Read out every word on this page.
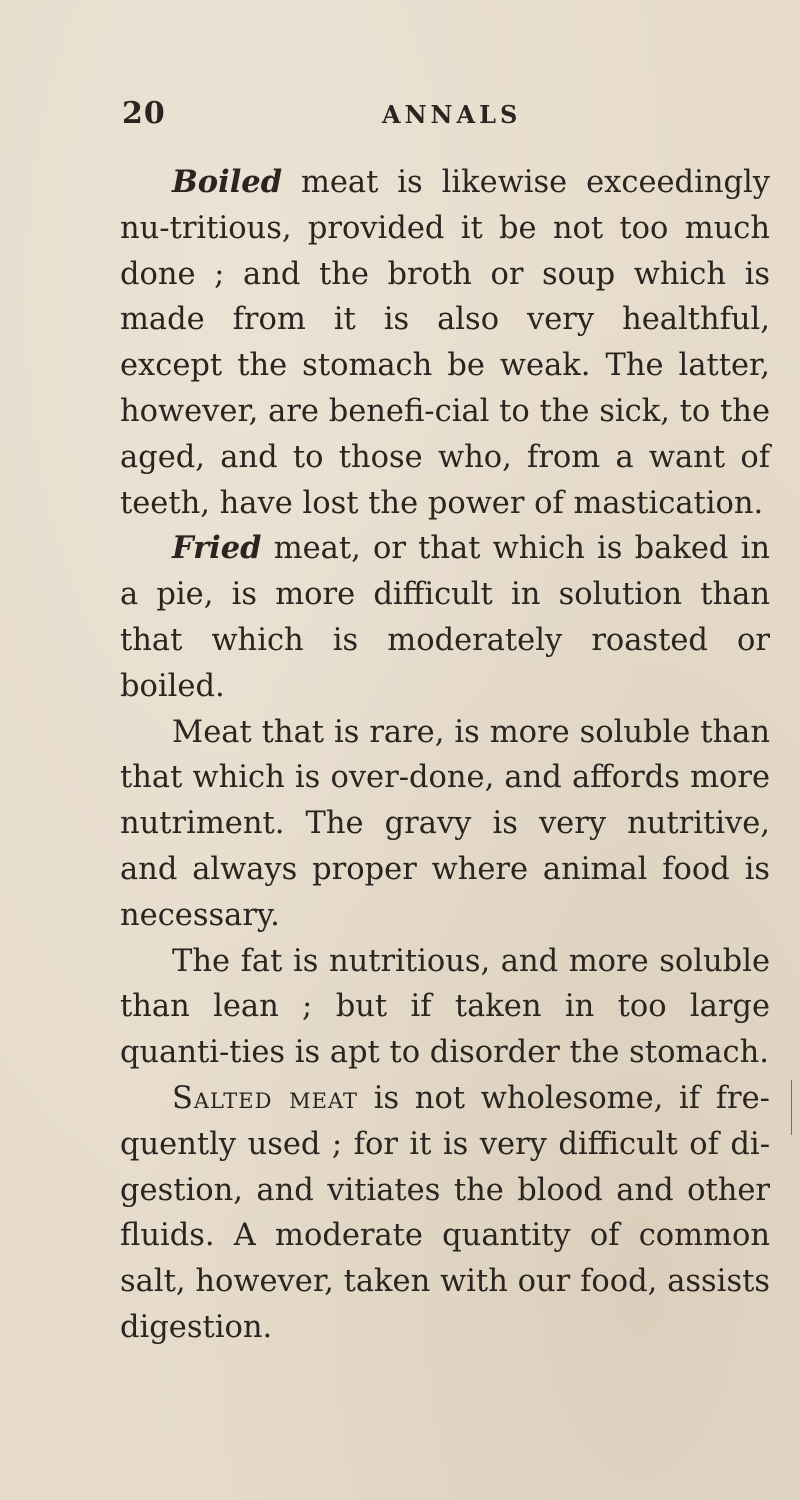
20	ANNALS

Boiled meat is likewise exceedingly nu-tritious, provided it be not too much done ; and the broth or soup which is made from it is also very healthful, except the stomach be weak. The latter, however, are benefi-cial to the sick, to the aged, and to those who, from a want of teeth, have lost the power of mastication.

Fried meat, or that which is baked in a pie, is more difficult in solution than that which is moderately roasted or boiled.

Meat that is rare, is more soluble than that which is over-done, and affords more nutriment. The gravy is very nutritive, and always proper where animal food is necessary.

The fat is nutritious, and more soluble than lean ; but if taken in too large quanti-ties is apt to disorder the stomach.

Salted meat is not wholesome, if fre-quently used ; for it is very difficult of di-gestion, and vitiates the blood and other fluids. A moderate quantity of common salt, however, taken with our food, assists digestion.
